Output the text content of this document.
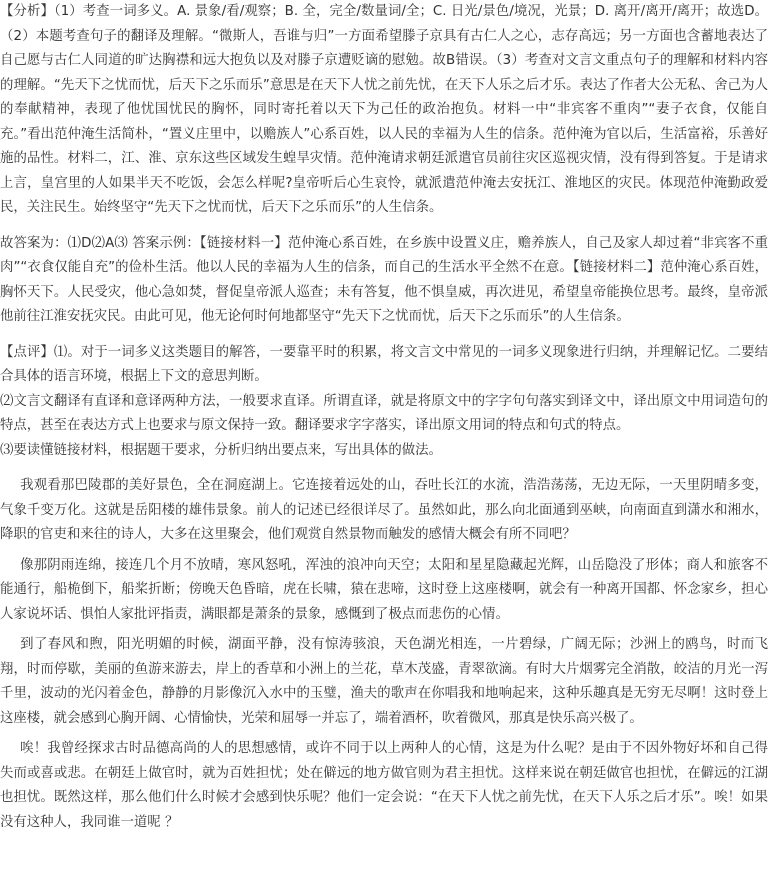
【分析】（1）考查一词多义。A. 景象/看/观察；B. 全，完全/数量词/全；C. 日光/景色/境况，光景；D. 离开/离开/离开；故选D。（2）本题考查句子的翻译及理解。“微斯人，吾谁与归”一方面希望滕子京具有古仁人之心，志存高远；另一方面也含蓄地表达了自己愿与古仁人同道的旷达胸襟和远大抱负以及对滕子京遭贬谪的慰勉。故B错误。（3）考查对文言文重点句子的理解和材料内容的理解。“先天下之忧而忧，后天下之乐而乐”意思是在天下人忧之前先忧，在天下人乐之后才乐。表达了作者大公无私、舍己为人的奉献精神，表现了他忧国忧民的胸怀，同时寄托着以天下为己任的政治抱负。材料一中“非宾客不重肉”“妻子衣食，仅能自充。”看出范仲淹生活简朴，“置义庄里中，以赡族人”心系百姓，以人民的幸福为人生的信条。范仲淹为官以后，生活富裕，乐善好施的品性。材料二，江、淮、京东这些区域发生蝗旱灾情。范仲淹请求朝廷派遣官员前往灾区巡视灾情，没有得到答复。于是请求上言，皇宫里的人如果半天不吃饭，会怎么样呢?皇帝听后心生哀怜，就派遣范仲淹去安抚江、淮地区的灾民。体现范仲淹勤政爱民，关注民生。始终坚守“先天下之忧而忧，后天下之乐而乐”的人生信条。

故答案为：⑴D⑵A⑶ 答案示例：【链接材料一】范仲淹心系百姓，在乡族中设置义庄，赡养族人，自己及家人却过着“非宾客不重肉”“衣食仅能自充”的俭朴生活。他以人民的幸福为人生的信条，而自己的生活水平全然不在意。【链接材料二】范仲淹心系百姓，胸怀天下。人民受灾，他心急如焚，督促皇帝派人巡查；未有答复，他不惧皇威，再次进见，希望皇帝能换位思考。最终，皇帝派他前往江淮安抚灾民。由此可见，他无论何时何地都坚守“先天下之忧而忧，后天下之乐而乐”的人生信条。

【点评】⑴。对于一词多义这类题目的解答，一要靠平时的积累，将文言文中常见的一词多义现象进行归纳，并理解记忆。二要结合具体的语言环境，根据上下文的意思判断。

⑵文言文翻译有直译和意译两种方法，一般要求直译。所谓直译，就是将原文中的字字句句落实到译文中，译出原文中用词造句的特点，甚至在表达方式上也要求与原文保持一致。翻译要求字字落实，译出原文用词的特点和句式的特点。

⑶要读懂链接材料，根据题干要求，分析归纳出要点来，写出具体的做法。

我观看那巴陵郡的美好景色，全在洞庭湖上。它连接着远处的山，吞吐长江的水流，浩浩荡荡，无边无际，一天里阴晴多变，气象千变万化。这就是岳阳楼的雄伟景象。前人的记述已经很详尽了。虽然如此，那么向北面通到巫峡，向南面直到潇水和湘水，降职的官吏和来往的诗人，大多在这里聚会，他们观赏自然景物而触发的感情大概会有所不同吧？

像那阴雨连绵，接连几个月不放晴，寒风怒吼，浑浊的浪冲向天空；太阳和星星隐藏起光辉，山岳隐没了形体；商人和旅客不能通行，船桅倒下，船桨折断；傍晚天色昏暗，虎在长啸，猿在悲啼，这时登上这座楼啊，就会有一种离开国都、怀念家乡，担心人家说坏话、惧怕人家批评指责，满眼都是萧条的景象，感慨到了极点而悲伤的心情。

到了春风和煦，阳光明媚的时候，湖面平静，没有惊涛骇浪，天色湖光相连，一片碧绿，广阔无际；沙洲上的鸥鸟，时而飞翔，时而停歇，美丽的鱼游来游去，岸上的香草和小洲上的兰花，草木茂盛，青翠欲滴。有时大片烟雾完全消散，皎洁的月光一泻千里，波动的光闪着金色，静静的月影像沉入水中的玉璧，渔夫的歌声在你唱我和地响起来，这种乐趣真是无穷无尽啊！这时登上这座楼，就会感到心胸开阔、心情愉快，光荣和屈辱一并忘了，端着酒杯，吹着微风，那真是快乐高兴极了。

唉！我曾经探求古时品德高尚的人的思想感情，或许不同于以上两种人的心情，这是为什么呢？是由于不因外物好坏和自己得失而或喜或悲。在朝廷上做官时，就为百姓担忧；处在僻远的地方做官则为君主担忧。这样来说在朝廷做官也担忧，在僻远的江湖也担忧。既然这样，那么他们什么时候才会感到快乐呢？他们一定会说：“在天下人忧之前先忧，在天下人乐之后才乐”。唉！如果没有这种人，我同谁一道呢 ？
